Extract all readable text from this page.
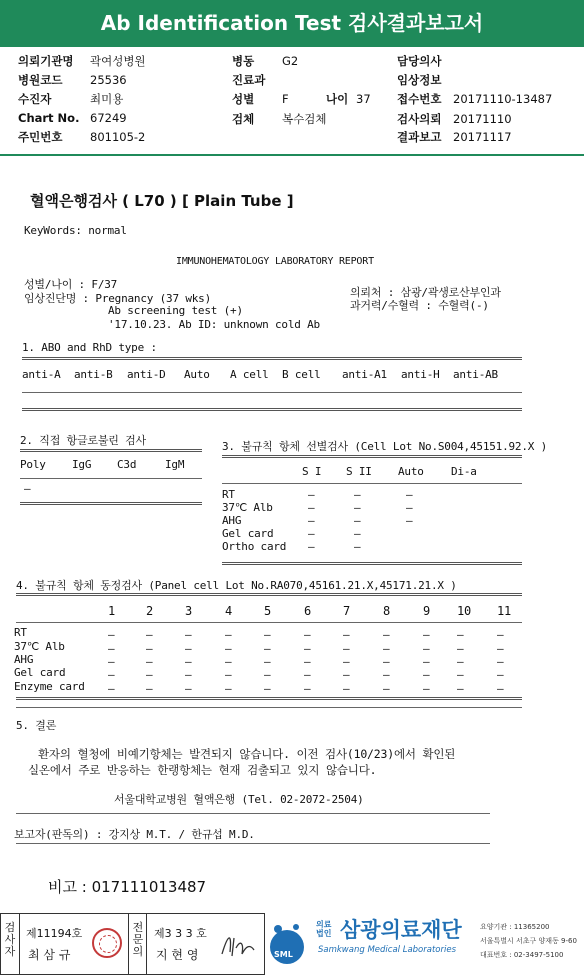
Ab Identification Test 검사결과보고서
의뢰기관명 곽여성병원
병원코드 25536
수진자	최미용
Chart No. 67249
주민번호 801105-2
병동 G2
진료과
성별 F	나이 37
검체 복수검체
담당의사
임상정보
접수번호 20171110-13487
검사의뢰 20171110
결과보고 20171117
혈액은행검사 ( L70 ) [ Plain Tube ]
KeyWords: normal
IMMUNOHEMATOLOGY LABORATORY REPORT
성별/나이 : F/37
임상진단명 : Pregnancy (37 wks)
Ab screening test (+)
'17.10.23. Ab ID: unknown cold Ab
의뢰처 : 삼광/곽생로산부인과
과거력/수혈력 : 수혈력(-)
1. ABO and RhD type :
anti-A anti-B anti-D Auto A cell B cell anti-A1 anti-H anti-AB
2. 직접 항글로불린 검사
Poly IgG C3d	IgM
–
3. 불규칙 항체 선별검사 (Cell Lot No.S004,45151.92.X )
S I S II Auto Di-a
RT	–	–	–
37℃ Alb	–	–	–
AHG	–	–	–
Gel card	–	–
Ortho card –	–
4. 불규칙 항체 동정검사 (Panel cell Lot No.RA070,45161.21.X,45171.21.X )
1	2	3	4	5	6	7	8	9 10 11
RT	–	–	–	–	–	–	–	–	–	–	–
37℃ Alb	–	–	–	–	–	–	–	–	–	–	–
AHG	–	–	–	–	–	–	–	–	–	–	–
Gel card	–	–	–	–	–	–	–	–	–	–	–
Enzyme card –	–	–	–	–	–	–	–	–	–	–
5. 결론
환자의 혈청에 비예기항체는 발견되지 않습니다. 이전 검사(10/23)에서 확인된
실온에서 주로 반응하는 한랭항체는 현재 검출되고 있지 않습니다.
서울대학교병원 혈액은행 (Tel. 02-2072-2504)
보고자(판독의) : 강지상 M.T. / 한규섭 M.D.
비고 : 017111013487
검사자
제11194호
최 삼 규
전문의
제3 3 3 호
지 현 영	SML
의료
법인 삼광의료재단
Samkwang Medical Laboratories
요양기관 : 11365200
서울특별시 서초구 양재동 9-60
대표번호 : 02-3497-5100
